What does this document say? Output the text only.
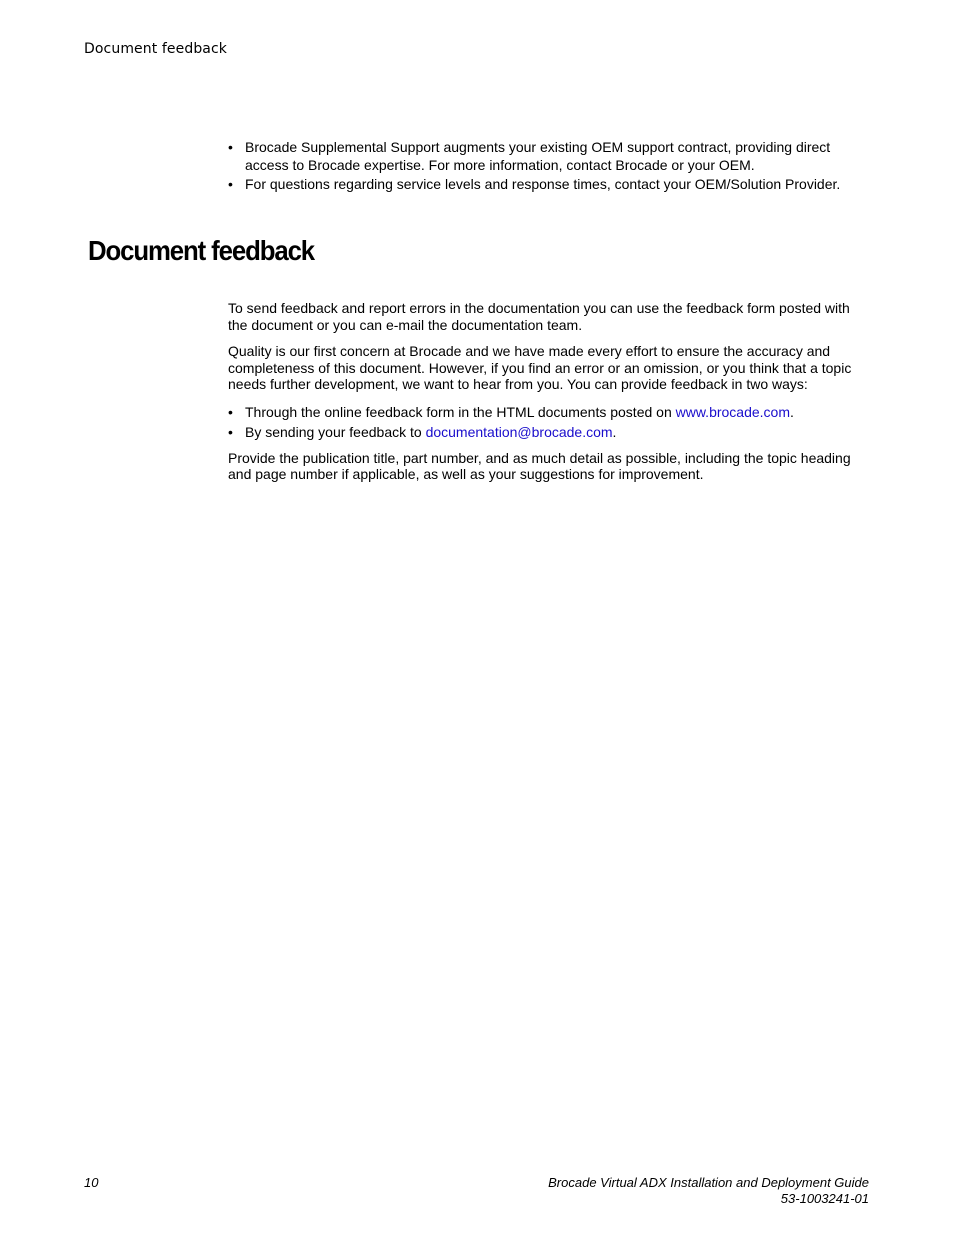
Document feedback
• Brocade Supplemental Support augments your existing OEM support contract, providing direct access to Brocade expertise. For more information, contact Brocade or your OEM.
• For questions regarding service levels and response times, contact your OEM/Solution Provider.
Document feedback

To send feedback and report errors in the documentation you can use the feedback form posted with the document or you can e-mail the documentation team.

Quality is our first concern at Brocade and we have made every effort to ensure the accuracy and completeness of this document. However, if you find an error or an omission, or you think that a topic needs further development, we want to hear from you. You can provide feedback in two ways:

• Through the online feedback form in the HTML documents posted on www.brocade.com.
• By sending your feedback to documentation@brocade.com.

Provide the publication title, part number, and as much detail as possible, including the topic heading and page number if applicable, as well as your suggestions for improvement.

10	Brocade Virtual ADX Installation and Deployment Guide
53-1003241-01
